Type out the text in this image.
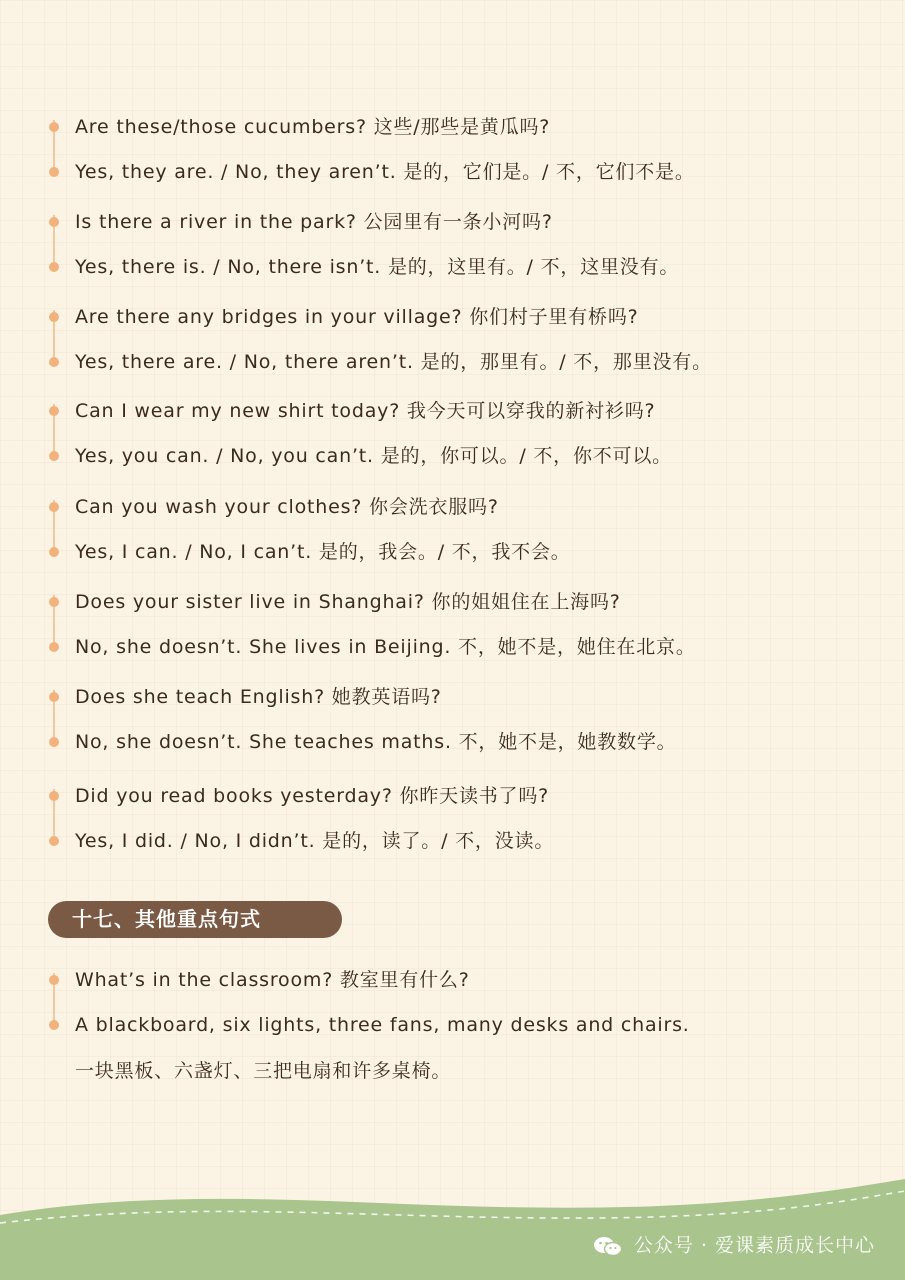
Are these/those cucumbers? 这些/那些是黄瓜吗?
Yes, they are. / No, they aren’t. 是的，它们是。/ 不，它们不是。
Is there a river in the park? 公园里有一条小河吗?
Yes, there is. / No, there isn’t. 是的，这里有。/ 不，这里没有。
Are there any bridges in your village? 你们村子里有桥吗?
Yes, there are. / No, there aren’t. 是的，那里有。/ 不，那里没有。
Can I wear my new shirt today? 我今天可以穿我的新衬衫吗?
Yes, you can. / No, you can’t. 是的，你可以。/ 不，你不可以。
Can you wash your clothes? 你会洗衣服吗?
Yes, I can. / No, I can’t. 是的，我会。/ 不，我不会。
Does your sister live in Shanghai? 你的姐姐住在上海吗?
No, she doesn’t. She lives in Beijing. 不，她不是，她住在北京。
Does she teach English? 她教英语吗?
No, she doesn’t. She teaches maths. 不，她不是，她教数学。
Did you read books yesterday? 你昨天读书了吗?
Yes, I did. / No, I didn’t. 是的，读了。/ 不，没读。
十七、其他重点句式
What’s in the classroom? 教室里有什么?
A blackboard, six lights, three fans, many desks and chairs.
一块黑板、六盏灯、三把电扇和许多桌椅。
公众号 · 爱课素质成长中心
